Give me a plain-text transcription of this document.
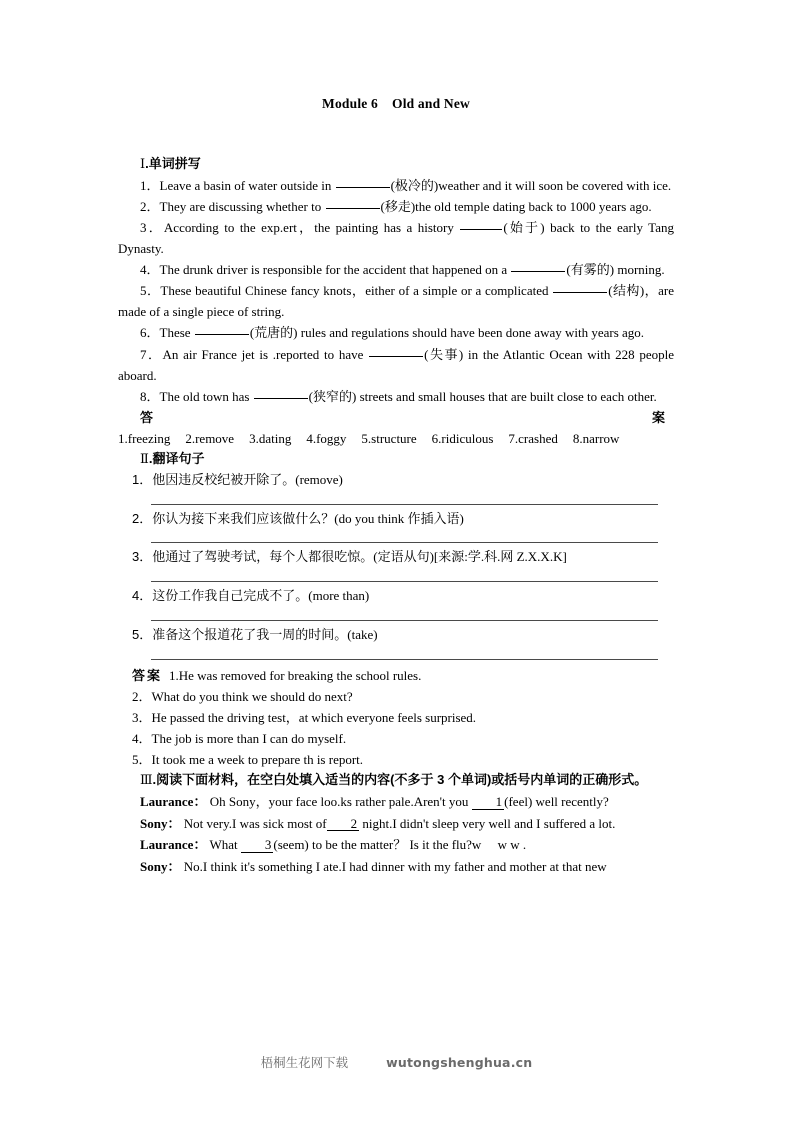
Module 6 Old and New
Ⅰ.单词拼写

1．Leave a basin of water outside in	(极冷的)weather and it will soon be covered with ice.

2．They are discussing whether to	(移走)the old temple dating back to 1000 years ago.

3．According to the exp.ert，the painting has a history	(始于) back to the early Tang Dynasty.

4．The drunk driver is responsible for the accident that happened on a	(有雾的) morning.

5．These beautiful Chinese fancy knots，either of a simple or a complicated	(结构)，are made of a single piece of string.

6．These	(荒唐的) rules and regulations should have been done away with years ago.

7．An air France jet is .reported to have	(失事) in the Atlantic Ocean with 228 people aboard.

8．The old town has	(狭窄的) streets and small houses that are built close to each other.

答案1.freezing 2.remove 3.dating 4.foggy 5.structure 6.ridiculous 7.crashed 8.narrow

Ⅱ.翻译句子

1．他因违反校纪被开除了。(remove)

2．你认为接下来我们应该做什么？(do you think 作插入语)

3．他通过了驾驶考试，每个人都很吃惊。(定语从句)[来源:学.科.网 Z.X.X.K]

4．这份工作我自己完成不了。(more than)

5．准备这个报道花了我一周的时间。(take)

答案 1.He was removed for breaking the school rules.

2．What do you think we should do next?

3．He passed the driving test，at which everyone feels surprised.

4．The job is more than I can do myself.

5．It took me a week to prepare th is report.

Ⅲ.阅读下面材料，在空白处填入适当的内容(不多于 3 个单词)或括号内单词的正确形式。

Laurance： Oh Sony，your face loo.ks rather pale.Aren't you 1 (feel) well recently?

Sony： Not very.I was sick most of 2 night.I didn't sleep very well and I suffered a lot.

Laurance： What 3 (seem) to be the matter？ Is it the flu?w  w w .

Sony： No.I think it's something I ate.I had dinner with my father and mother at that new

梧桐生花网下载	wutongshenghua.cn
